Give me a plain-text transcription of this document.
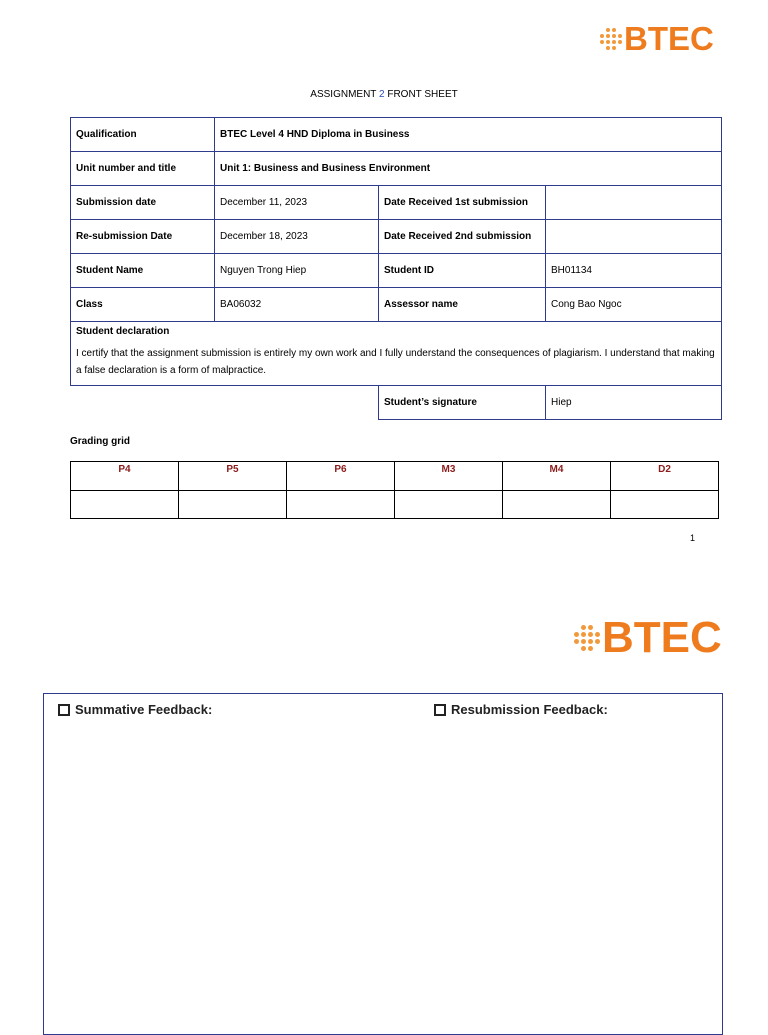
BTEC
ASSIGNMENT 2 FRONT SHEET
Qualification	BTEC Level 4 HND Diploma in Business		
Unit number and title	Unit 1: Business and Business Environment		
Submission date	December 11, 2023	Date Received 1st submission	
Re-submission Date	December 18, 2023	Date Received 2nd submission	
Student Name	Nguyen Trong Hiep	Student ID	BH01134
Class	BA06032	Assessor name	Cong Bao Ngoc

Student declaration
I certify that the assignment submission is entirely my own work and I fully understand the consequences of plagiarism. I understand that making a false declaration is a form of malpractice.			

		Student’s signature	Hiep
Grading grid
P4	P5	P6	M3	M4	D2

1
BTEC
Summative Feedback:	Resubmission Feedback:
